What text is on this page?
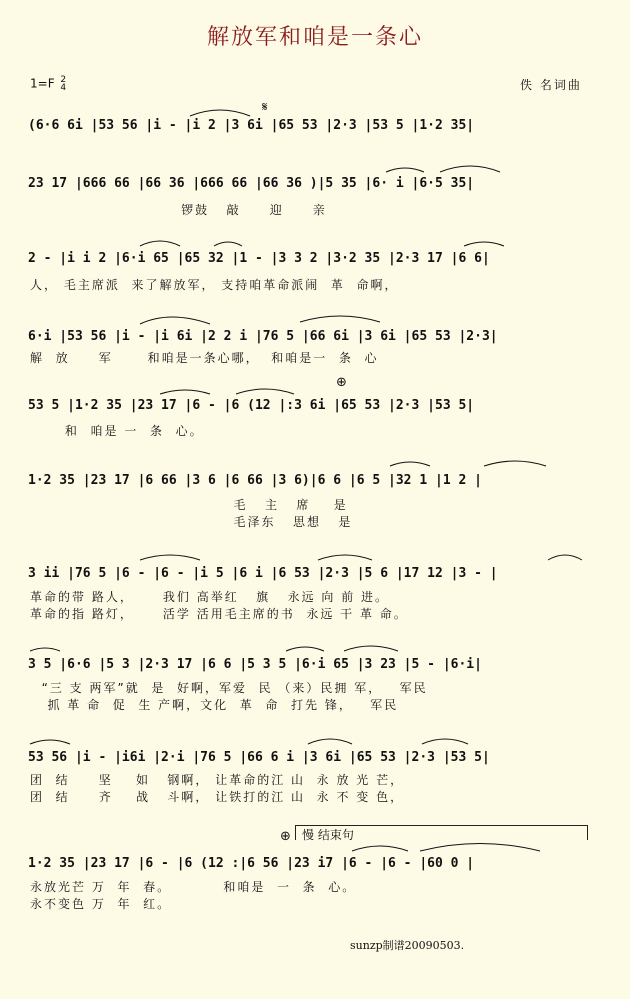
解放军和咱是一条心
1=F 2
4	佚 名词曲
𝄋
⊕
⊕
(6·6 6i |53 56 |i - |i 2 |3 6i |65 53 |2·3 |53 5 |1·2 35|
23 17 |666 66 |66 36 |666 66 |66 36 )|5 35 |6· i |6·5 35|
锣鼓   敲     迎     亲
2 - |i i 2 |6·i 65 |65 32 |1 - |3 3 2 |3·2 35 |2·3 17 |6 6|
人， 毛主席派  来了解放军， 支持咱革命派闹  革  命啊，
6·i |53 56 |i - |i 6i |2 2 i |76 5 |66 6i |3 6i |65 53 |2·3|
解  放     军      和咱是一条心哪，  和咱是一  条  心
53 5 |1·2 35 |23 17 |6 - |6 (12 |:3 6i |65 53 |2·3 |53 5|
和  咱是 一  条  心。
1·2 35 |23 17 |6 66 |3 6 |6 66 |3 6)|6 6 |6 5 |32 1 |1 2 |
毛   主   席    是
毛泽东   思想   是
3 ii |76 5 |6 - |6 - |i 5 |6 i |6 53 |2·3 |5 6 |17 12 |3 - |
革命的带 路人，     我们 高举红   旗   永远 向 前 进。
革命的指 路灯，     活学 活用毛主席的书  永远 干 革 命。
3 5 |6·6 |5 3 |2·3 17 |6 6 |5 3 5 |6·i 65 |3 23 |5 - |6·i|
“三 支 两军”就  是  好啊，军爱  民 （来）民拥 军，   军民
抓 革 命  促  生 产啊，文化  革  命  打先 锋，   军民
53 56 |i - |i6i |2·i |76 5 |66 6 i |3 6i |65 53 |2·3 |53 5|
团  结     坚    如   钢啊， 让革命的江 山  永 放 光 芒，
团  结     齐    战   斗啊， 让铁打的江 山  永 不 变 色，
慢 结束句
1·2 35 |23 17 |6 - |6 (12 :|6 56 |23 i7 |6 - |6 - |60 0 |
永放光芒 万  年  春。         和咱是  一  条  心。
永不变色 万  年  红。
sunzp制谱20090503.
